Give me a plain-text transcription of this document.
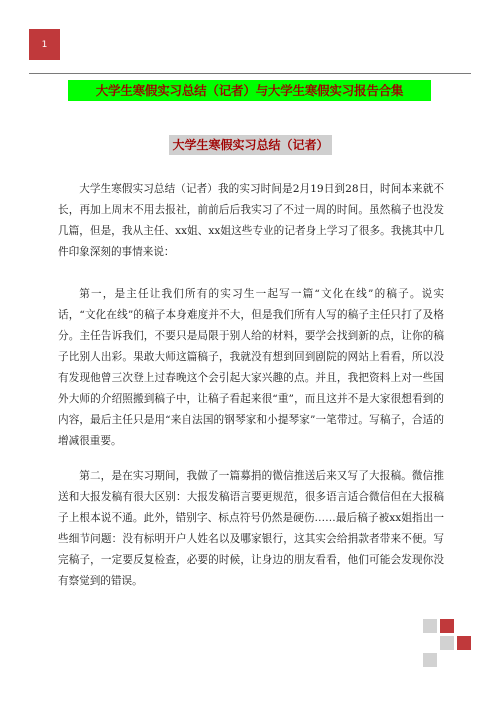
1
大学生寒假实习总结（记者）与大学生寒假实习报告合集
大学生寒假实习总结（记者）

大学生寒假实习总结（记者）我的实习时间是2月19日到28日，时间本来就不长，再加上周末不用去报社，前前后后我实习了不过一周的时间。虽然稿子也没发几篇，但是，我从主任、xx姐、xx姐这些专业的记者身上学习了很多。我挑其中几件印象深刻的事情来说：

第一，是主任让我们所有的实习生一起写一篇“文化在线”的稿子。说实话，“文化在线”的稿子本身难度并不大，但是我们所有人写的稿子主任只打了及格分。主任告诉我们，不要只是局限于别人给的材料，要学会找到新的点，让你的稿子比别人出彩。果敢大师这篇稿子，我就没有想到回到剧院的网站上看看，所以没有发现他曾三次登上过春晚这个会引起大家兴趣的点。并且，我把资料上对一些国外大师的介绍照搬到稿子中，让稿子看起来很“重”，而且这并不是大家很想看到的内容，最后主任只是用“来自法国的钢琴家和小提琴家”一笔带过。写稿子，合适的增减很重要。

第二，是在实习期间，我做了一篇募捐的微信推送后来又写了大报稿。微信推送和大报发稿有很大区别：大报发稿语言要更规范，很多语言适合微信但在大报稿子上根本说不通。此外，错别字、标点符号仍然是硬伤……最后稿子被xx姐指出一些细节问题：没有标明开户人姓名以及哪家银行，这其实会给捐款者带来不便。写完稿子，一定要反复检查，必要的时候，让身边的朋友看看，他们可能会发现你没有察觉到的错误。
